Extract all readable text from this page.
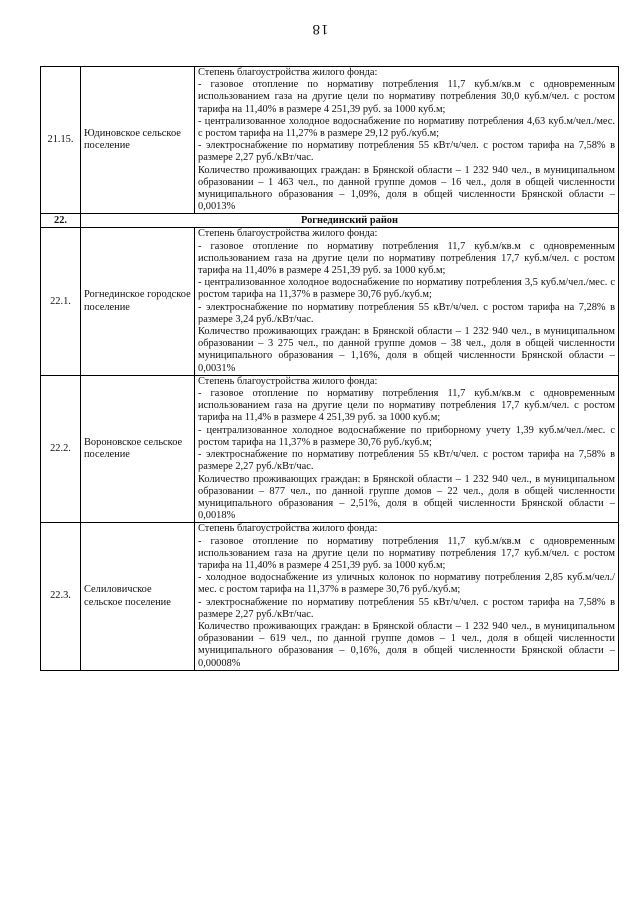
18
21.15.	Юдиновское сельское поселение	Степень благоустройства жилого фонда:

- газовое отопление по нормативу потребления 11,7 куб.м/кв.м с одновременным использованием газа на другие цели по нормативу потребления 30,0 куб.м/чел. с ростом тарифа на 11,40% в размере 4 251,39 руб. за 1000 куб.м;

- централизованное холодное водоснабжение по нормативу потребления 4,63 куб.м/чел./мес. с ростом тарифа на 11,27% в размере 29,12 руб./куб.м;

- электроснабжение по нормативу потребления 55 кВт/ч/чел. с ростом тарифа на 7,58% в размере 2,27 руб./кВт/час.

Количество проживающих граждан: в Брянской области – 1 232 940 чел., в муниципальном образовании – 1 463 чел., по данной группе домов – 16 чел., доля в общей численности муниципального образования – 1,09%, доля в общей численности Брянской области – 0,0013%

22.	Рогнединский район	
22.1.	Рогнединское городское поселение	Степень благоустройства жилого фонда:

- газовое отопление по нормативу потребления 11,7 куб.м/кв.м с одновременным использованием газа на другие цели по нормативу потребления 17,7 куб.м/чел. с ростом тарифа на 11,40% в размере 4 251,39 руб. за 1000 куб.м;

- централизованное холодное водоснабжение по нормативу потребления 3,5 куб.м/чел./мес. с ростом тарифа на 11,37% в размере 30,76 руб./куб.м;

- электроснабжение по нормативу потребления 55 кВт/ч/чел. с ростом тарифа на 7,28% в размере 3,24 руб./кВт/час.

Количество проживающих граждан: в Брянской области – 1 232 940 чел., в муниципальном образовании – 3 275 чел., по данной группе домов – 38 чел., доля в общей численности муниципального образования – 1,16%, доля в общей численности Брянской области – 0,0031%

22.2.	Вороновское сельское поселение	Степень благоустройства жилого фонда:

- газовое отопление по нормативу потребления 11,7 куб.м/кв.м с одновременным использованием газа на другие цели по нормативу потребления 17,7 куб.м/чел. с ростом тарифа на 11,4% в размере 4 251,39 руб. за 1000 куб.м;

- централизованное холодное водоснабжение по приборному учету 1,39 куб.м/чел./мес. с ростом тарифа на 11,37% в размере 30,76 руб./куб.м;

- электроснабжение по нормативу потребления 55 кВт/ч/чел. с ростом тарифа на 7,58% в размере 2,27 руб./кВт/час.

Количество проживающих граждан: в Брянской области – 1 232 940 чел., в муниципальном образовании – 877 чел., по данной группе домов – 22 чел., доля в общей численности муниципального образования – 2,51%, доля в общей численности Брянской области – 0,0018%

22.3.	Селиловичское сельское поселение	Степень благоустройства жилого фонда:

- газовое отопление по нормативу потребления 11,7 куб.м/кв.м с одновременным использованием газа на другие цели по нормативу потребления 17,7 куб.м/чел. с ростом тарифа на 11,40% в размере 4 251,39 руб. за 1000 куб.м;

- холодное водоснабжение из уличных колонок по нормативу потребления 2,85 куб.м/чел./мес. с ростом тарифа на 11,37% в размере 30,76 руб./куб.м;

- электроснабжение по нормативу потребления 55 кВт/ч/чел. с ростом тарифа на 7,58% в размере 2,27 руб./кВт/час.

Количество проживающих граждан: в Брянской области – 1 232 940 чел., в муниципальном образовании – 619 чел., по данной группе домов – 1 чел., доля в общей численности муниципального образования – 0,16%, доля в общей численности Брянской области – 0,00008%
